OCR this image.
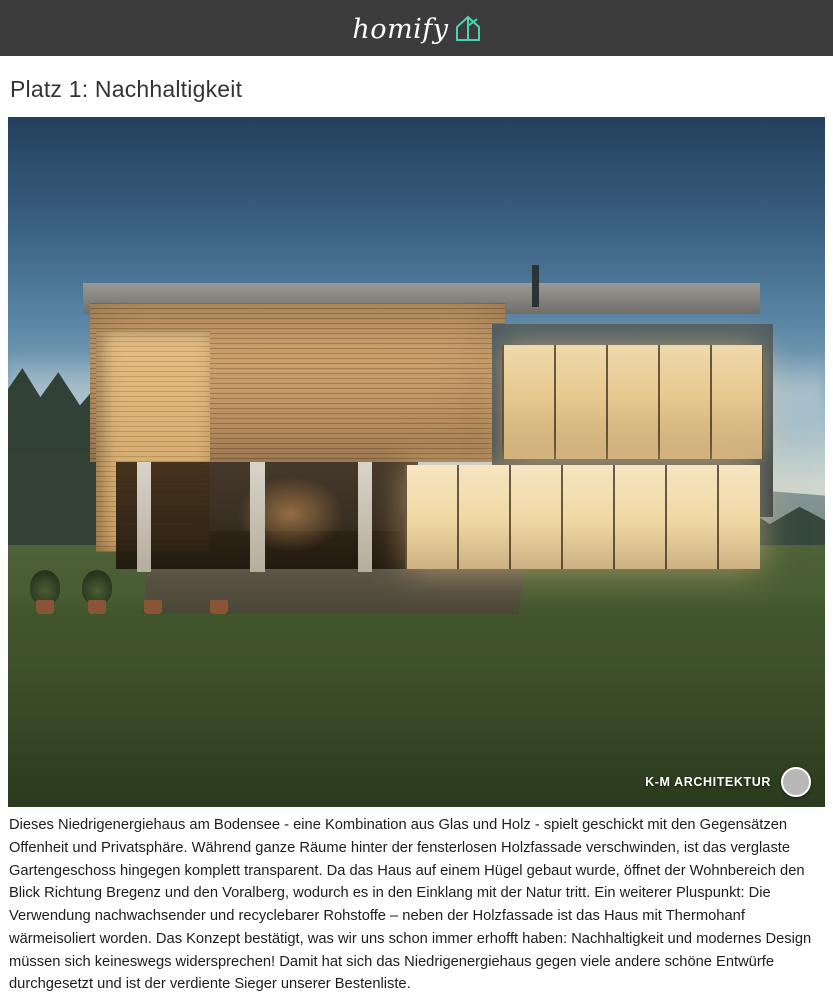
homify
Platz 1: Nachhaltigkeit
K-M ARCHITEKTUR

Dieses Niedrigenergiehaus am Bodensee - eine Kombination aus Glas und Holz - spielt geschickt mit den Gegensätzen Offenheit und Privatsphäre. Während ganze Räume hinter der fensterlosen Holzfassade verschwinden, ist das verglaste Gartengeschoss hingegen komplett transparent. Da das Haus auf einem Hügel gebaut wurde, öffnet der Wohnbereich den Blick Richtung Bregenz und den Voralberg, wodurch es in den Einklang mit der Natur tritt. Ein weiterer Pluspunkt: Die Verwendung nachwachsender und recyclebarer Rohstoffe – neben der Holzfassade ist das Haus mit Thermohanf wärmeisoliert worden. Das Konzept bestätigt, was wir uns schon immer erhofft haben: Nachhaltigkeit und modernes Design müssen sich keineswegs widersprechen! Damit hat sich das Niedrigenergiehaus gegen viele andere schöne Entwürfe durchgesetzt und ist der verdiente Sieger unserer Bestenliste.
